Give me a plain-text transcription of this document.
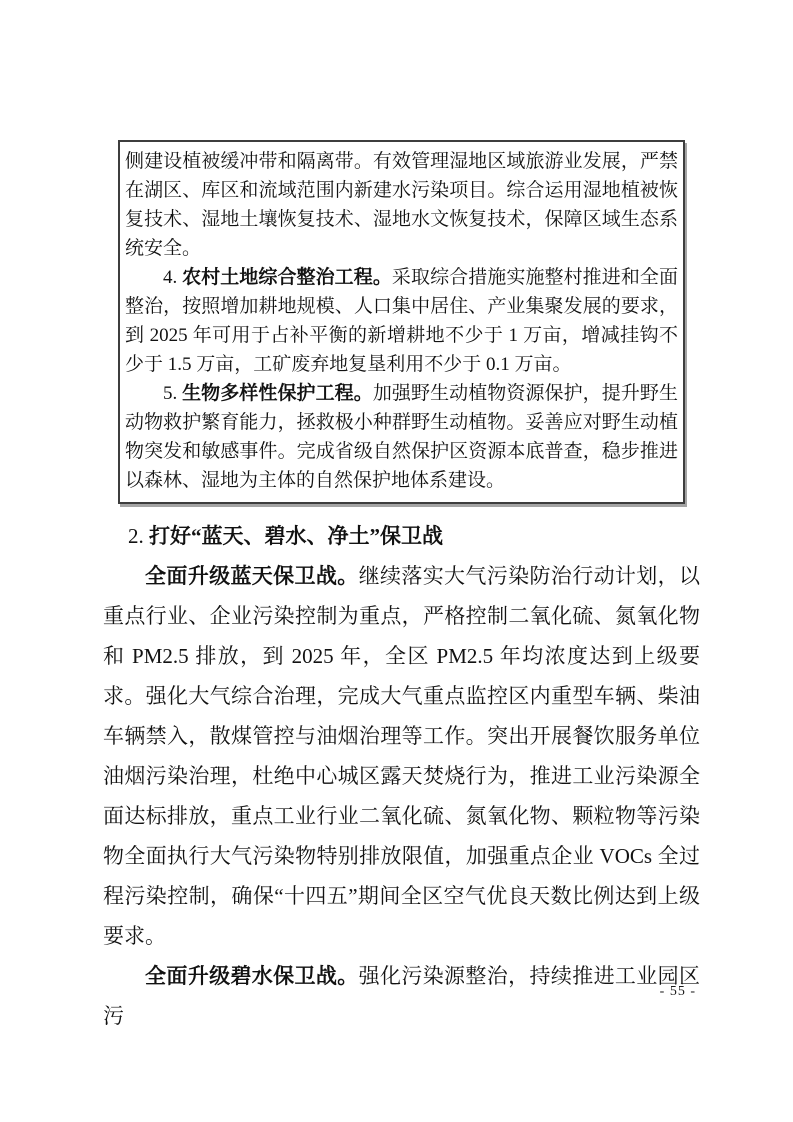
侧建设植被缓冲带和隔离带。有效管理湿地区域旅游业发展，严禁在湖区、库区和流域范围内新建水污染项目。综合运用湿地植被恢复技术、湿地土壤恢复技术、湿地水文恢复技术，保障区域生态系统安全。

4. 农村土地综合整治工程。采取综合措施实施整村推进和全面整治，按照增加耕地规模、人口集中居住、产业集聚发展的要求，到 2025 年可用于占补平衡的新增耕地不少于 1 万亩，增减挂钩不少于 1.5 万亩，工矿废弃地复垦利用不少于 0.1 万亩。

5. 生物多样性保护工程。加强野生动植物资源保护，提升野生动物救护繁育能力，拯救极小种群野生动植物。妥善应对野生动植物突发和敏感事件。完成省级自然保护区资源本底普查，稳步推进以森林、湿地为主体的自然保护地体系建设。

2. 打好“蓝天、碧水、净土”保卫战

全面升级蓝天保卫战。继续落实大气污染防治行动计划，以重点行业、企业污染控制为重点，严格控制二氧化硫、氮氧化物和 PM2.5 排放，到 2025 年，全区 PM2.5 年均浓度达到上级要求。强化大气综合治理，完成大气重点监控区内重型车辆、柴油车辆禁入，散煤管控与油烟治理等工作。突出开展餐饮服务单位油烟污染治理，杜绝中心城区露天焚烧行为，推进工业污染源全面达标排放，重点工业行业二氧化硫、氮氧化物、颗粒物等污染物全面执行大气污染物特别排放限值，加强重点企业 VOCs 全过程污染控制，确保“十四五”期间全区空气优良天数比例达到上级要求。

全面升级碧水保卫战。强化污染源整治，持续推进工业园区污

- 55 -
